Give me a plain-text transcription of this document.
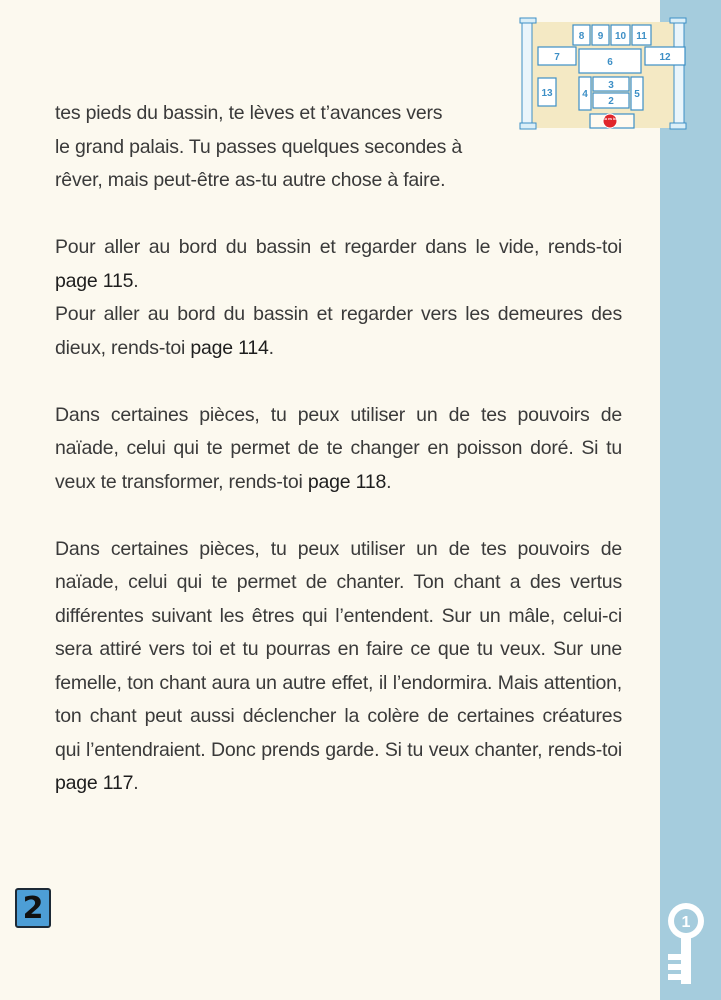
8 9 10 11
7	6	12
13	4
3
2
5
Tu es ici

tes pieds du bassin, te lèves et t’avances vers

le grand palais. Tu passes quelques secondes à

rêver, mais peut-être as-tu autre chose à faire.

Pour aller au bord du bassin et regarder dans le vide, rends-toi page 115.

Pour aller au bord du bassin et regarder vers les demeures des dieux, rends-toi page 114.

Dans certaines pièces, tu peux utiliser un de tes pouvoirs de naïade, celui qui te permet de te changer en poisson doré. Si tu veux te transformer, rends-toi page 118.

Dans certaines pièces, tu peux utiliser un de tes pouvoirs de naïade, celui qui te permet de chanter. Ton chant a des vertus différentes suivant les êtres qui l’entendent. Sur un mâle, celui-ci sera attiré vers toi et tu pourras en faire ce que tu veux. Sur une femelle, ton chant aura un autre effet, il l’endormira. Mais attention, ton chant peut aussi déclencher la colère de certaines créatures qui l’entendraient. Donc prends garde. Si tu veux chanter, rends-toi page 117.

2	1
